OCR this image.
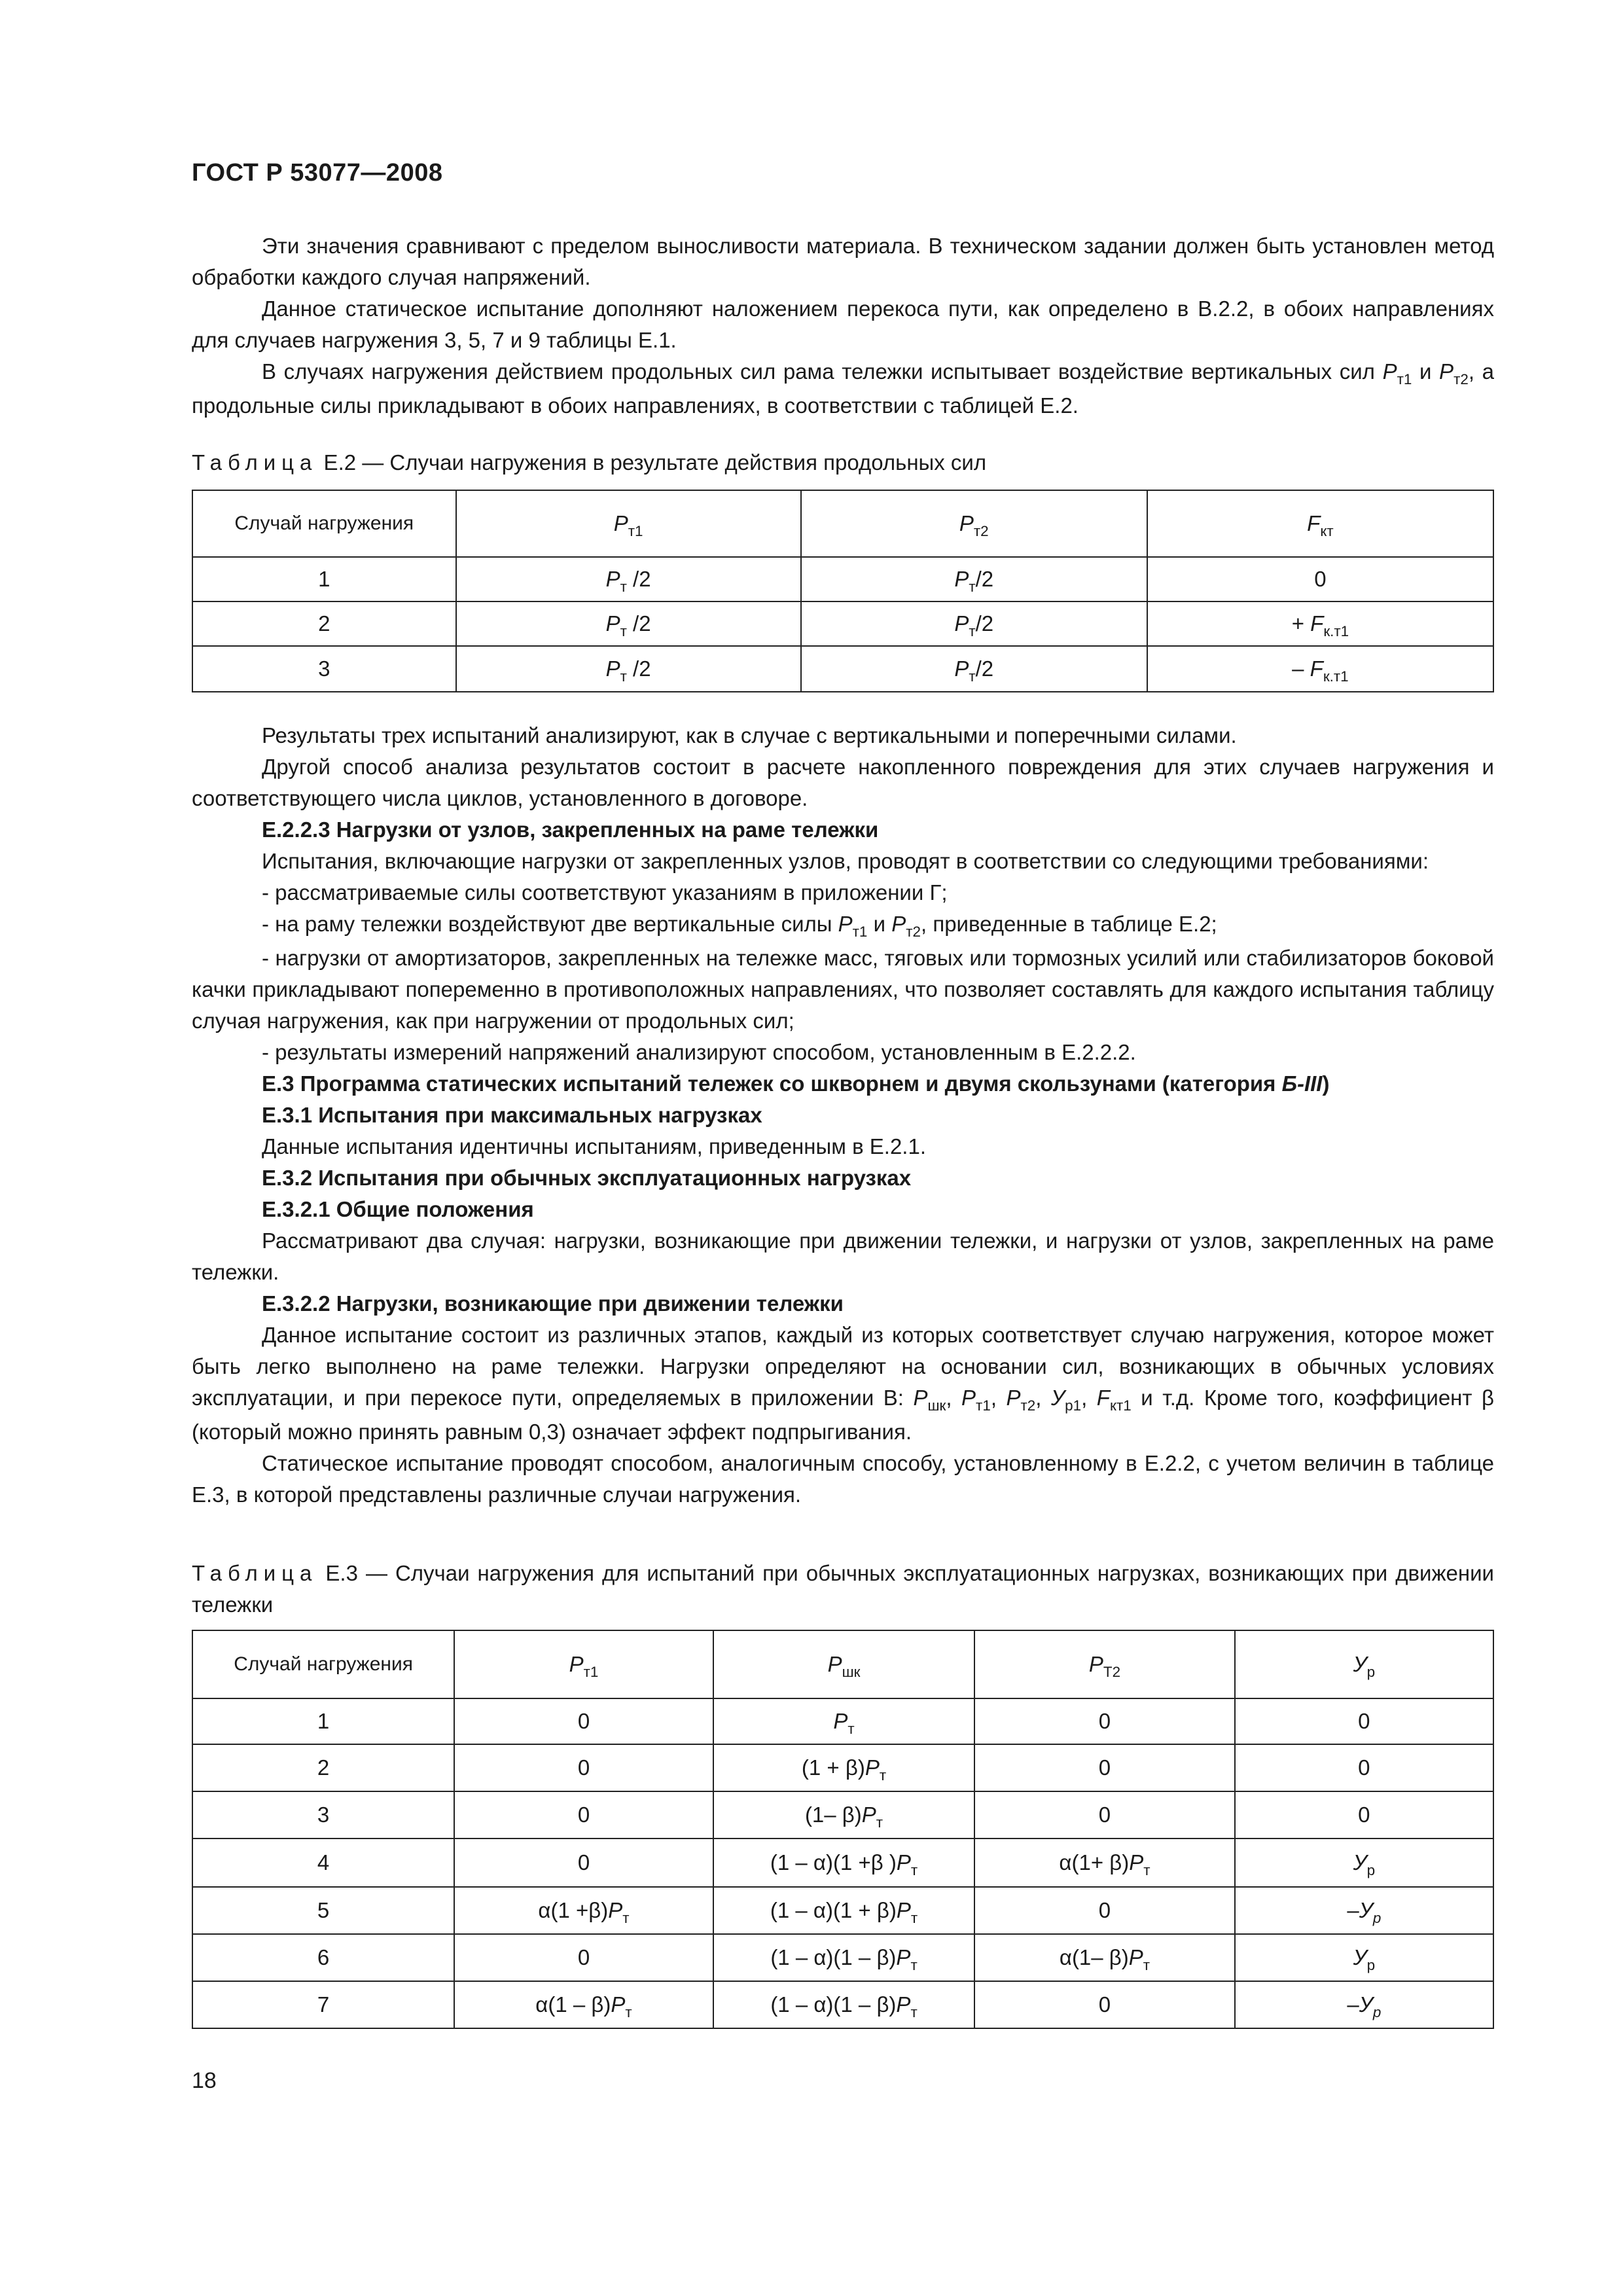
ГОСТ Р 53077—2008

Эти значения сравнивают с пределом выносливости материала. В техническом задании должен быть установлен метод обработки каждого случая напряжений.

Данное статическое испытание дополняют наложением перекоса пути, как определено в В.2.2, в обоих направлениях для случаев нагружения 3, 5, 7 и 9 таблицы Е.1.

В случаях нагружения действием продольных сил рама тележки испытывает воздействие вертикальных сил $P_{т1}$ и $P_{т2}$, а продольные силы прикладывают в обоих направлениях, в соответствии с таблицей Е.2.

Таблица Е.2 — Случаи нагружения в результате действия продольных сил

Случай нагружения	$P_{т1}$	$P_{т2}$	$F_{кт}$
1	$P_т$ /2	$P_т/2$	0
2	$P_т$ /2	$P_т/2$	+ $F_{к.т1}$
3	$P_т$ /2	$P_т/2$	– $F_{к.т1}$

Результаты трех испытаний анализируют, как в случае с вертикальными и поперечными силами.

Другой способ анализа результатов состоит в расчете накопленного повреждения для этих случаев нагружения и соответствующего числа циклов, установленного в договоре.

Е.2.2.3 Нагрузки от узлов, закрепленных на раме тележки

Испытания, включающие нагрузки от закрепленных узлов, проводят в соответствии со следующими требованиями:

- рассматриваемые силы соответствуют указаниям в приложении Г;

- на раму тележки воздействуют две вертикальные силы $P_{т1}$ и $P_{т2}$, приведенные в таблице Е.2;

- нагрузки от амортизаторов, закрепленных на тележке масс, тяговых или тормозных усилий или стабилизаторов боковой качки прикладывают попеременно в противоположных направлениях, что позволяет составлять для каждого испытания таблицу случая нагружения, как при нагружении от продольных сил;

- результаты измерений напряжений анализируют способом, установленным в Е.2.2.2.

Е.3 Программа статических испытаний тележек со шкворнем и двумя скользунами (категория Б-III)

Е.3.1 Испытания при максимальных нагрузках

Данные испытания идентичны испытаниям, приведенным в Е.2.1.

Е.3.2 Испытания при обычных эксплуатационных нагрузках

Е.3.2.1 Общие положения

Рассматривают два случая: нагрузки, возникающие при движении тележки, и нагрузки от узлов, закрепленных на раме тележки.

Е.3.2.2 Нагрузки, возникающие при движении тележки

Данное испытание состоит из различных этапов, каждый из которых соответствует случаю нагружения, которое может быть легко выполнено на раме тележки. Нагрузки определяют на основании сил, возникающих в обычных условиях эксплуатации, и при перекосе пути, определяемых в приложении В: $P_{шк}$, $P_{т1}$, $P_{т2}$, $У_{р1}$, $F_{кт1}$ и т.д. Кроме того, коэффициент β (который можно принять равным 0,3) означает эффект подпрыгивания.

Статическое испытание проводят способом, аналогичным способу, установленному в Е.2.2, с учетом величин в таблице Е.3, в которой представлены различные случаи нагружения.

Таблица Е.3 — Случаи нагружения для испытаний при обычных эксплуатационных нагрузках, возникающих при движении тележки

Случай нагружения	$P_{т1}$	$P_{шк}$	$P_{Т2}$	$У_р$
1	0	$P_т$	0	0
2	0	$(1 + \beta)P_т$	0	0
3	0	(1– $\beta)P_т$	0	0
4	0	(1 – α)(1 +β )$P_т$	$\alpha(1+ \beta)P_т$	$У_р$
5	$\alpha(1 +\beta)P_т$	$(1 - \alpha)(1 + \beta)P_т$	0	$-У_р$
6	0	$(1 - \alpha)(1 - \beta)P_т$	α(1– $\beta)P_т$	$У_р$
7	$\alpha(1 - \beta)P_т$	$(1 - \alpha)(1 - \beta)P_т$	0	$-У_р$
18
